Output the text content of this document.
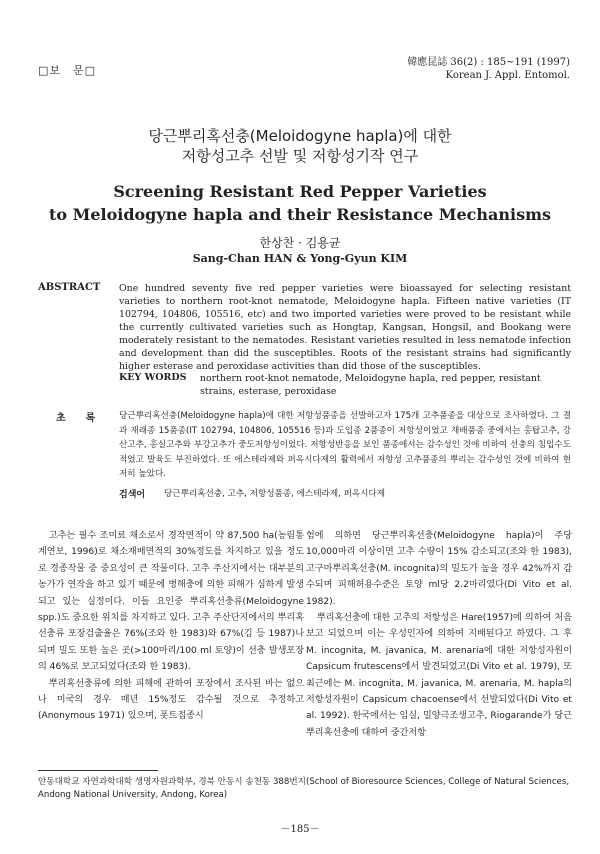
□보　문□
韓應昆誌 36(2) : 185~191 (1997)
Korean J. Appl. Entomol.
당근뿌리혹선충(Meloidogyne hapla)에 대한
저항성고추 선발 및 저항성기작 연구
Screening Resistant Red Pepper Varieties
to Meloidogyne hapla and their Resistance Mechanisms
한상찬 · 김용균
Sang-Chan HAN & Yong-Gyun KIM
ABSTRACT One hundred seventy five red pepper varieties were bioassayed for selecting resistant varieties to northern root-knot nematode, Meloidogyne hapla. Fifteen native varieties (IT 102794, 104806, 105516, etc) and two imported varieties were proved to be resistant while the currently cultivated varieties such as Hongtap, Kangsan, Hongsil, and Bookang were moderately resistant to the nematodes. Resistant varieties resulted in less nematode infection and development than did the susceptibles. Roots of the resistant strains had significantly higher esterase and peroxidase activities than did those of the susceptibles.
KEY WORDS northern root-knot nematode, Meloidogyne hapla, red pepper, resistant strains, esterase, peroxidase
초록 당근뿌리혹선충(Meloidogyne hapla)에 대한 저항성품종을 선발하고자 175개 고추품종을 대상으로 조사하였다. 그 결과 재래종 15품종(IT 102794, 104806, 105516 등)과 도입종 2품종이 저항성이었고 재배품종 중에서는 홍탑고추, 강산고추, 홍실고추와 부강고추가 중도저항성이었다. 저항성반응을 보인 품종에서는 감수성인 것에 비하여 선충의 침입수도 적었고 발육도 부진하였다. 또 에스테라제와 퍼옥시다제의 활력에서 저항성 고추품종의 뿌리는 감수성인 것에 비하여 현저히 높았다.
검색어 당근뿌리혹선충, 고추, 저항성품종, 에스테라제, 퍼옥시다제

고추는 필수 조미료 채소로서 경작면적이 약 87,500 ha(농림통계연보, 1996)로 채소재배면적의 30%정도를 차지하고 있을 정도로 경종작물 중 중요성이 큰 작물이다. 고추 주산지에서는 대부분의 농가가 연작을 하고 있기 때문에 병해충에 의한 피해가 심하게 발생되고 있는 실정이다. 이들 요인중 뿌리혹선충류(Meloidogyne spp.)도 중요한 위치를 차지하고 있다. 고추 주산단지에서의 뿌리혹선충류 포장검출율은 76%(조와 한 1983)와 67%(김 등 1987)나 되며 밀도 또한 높은 곳(>100마리/100 ml 토양)이 선충 발생포장의 46%로 보고되었다(조와 한 1983).

뿌리혹선충류에 의한 피해에 관하여 포장에서 조사된 바는 없으나 미국의 경우 매년 15%정도 감수될 것으로 추정하고(Anonymous 1971) 있으며, 폿트접종시

험에 의하면 당근뿌리혹선충(Meloidogyne hapla)이 주당 10,000마리 이상이면 고추 수량이 15% 감소되고(조와 한 1983), 고구마뿌리혹선충(M. incognita)의 밀도가 높을 경우 42%까지 감수되며 피해허용수준은 토양 ml당 2.2마리였다(Di Vito et al. 1982).

뿌리혹선충에 대한 고추의 저항성은 Hare(1957)에 의하여 처음 보고 되었으며 이는 우성인자에 의하여 지배된다고 하였다. 그 후 M. incognita, M. javanica, M. arenaria에 대한 저항성자원이 Capsicum frutescens에서 발견되었고(Di Vito et al. 1979), 또 최근에는 M. incognita, M. javanica, M. arenaria, M. hapla의 저항성자원이 Capsicum chacoense에서 선발되었다(Di Vito et al. 1992). 한국에서는 임실, 밀양극조생고추, Riogarande가 당근뿌리혹선충에 대하여 중간저항

안동대학교 자연과학대학 생명자원과학부, 경북 안동시 송천동 388번지(School of Bioresource Sciences, College of Natural Sciences, Andong National University, Andong, Korea)
－185－
